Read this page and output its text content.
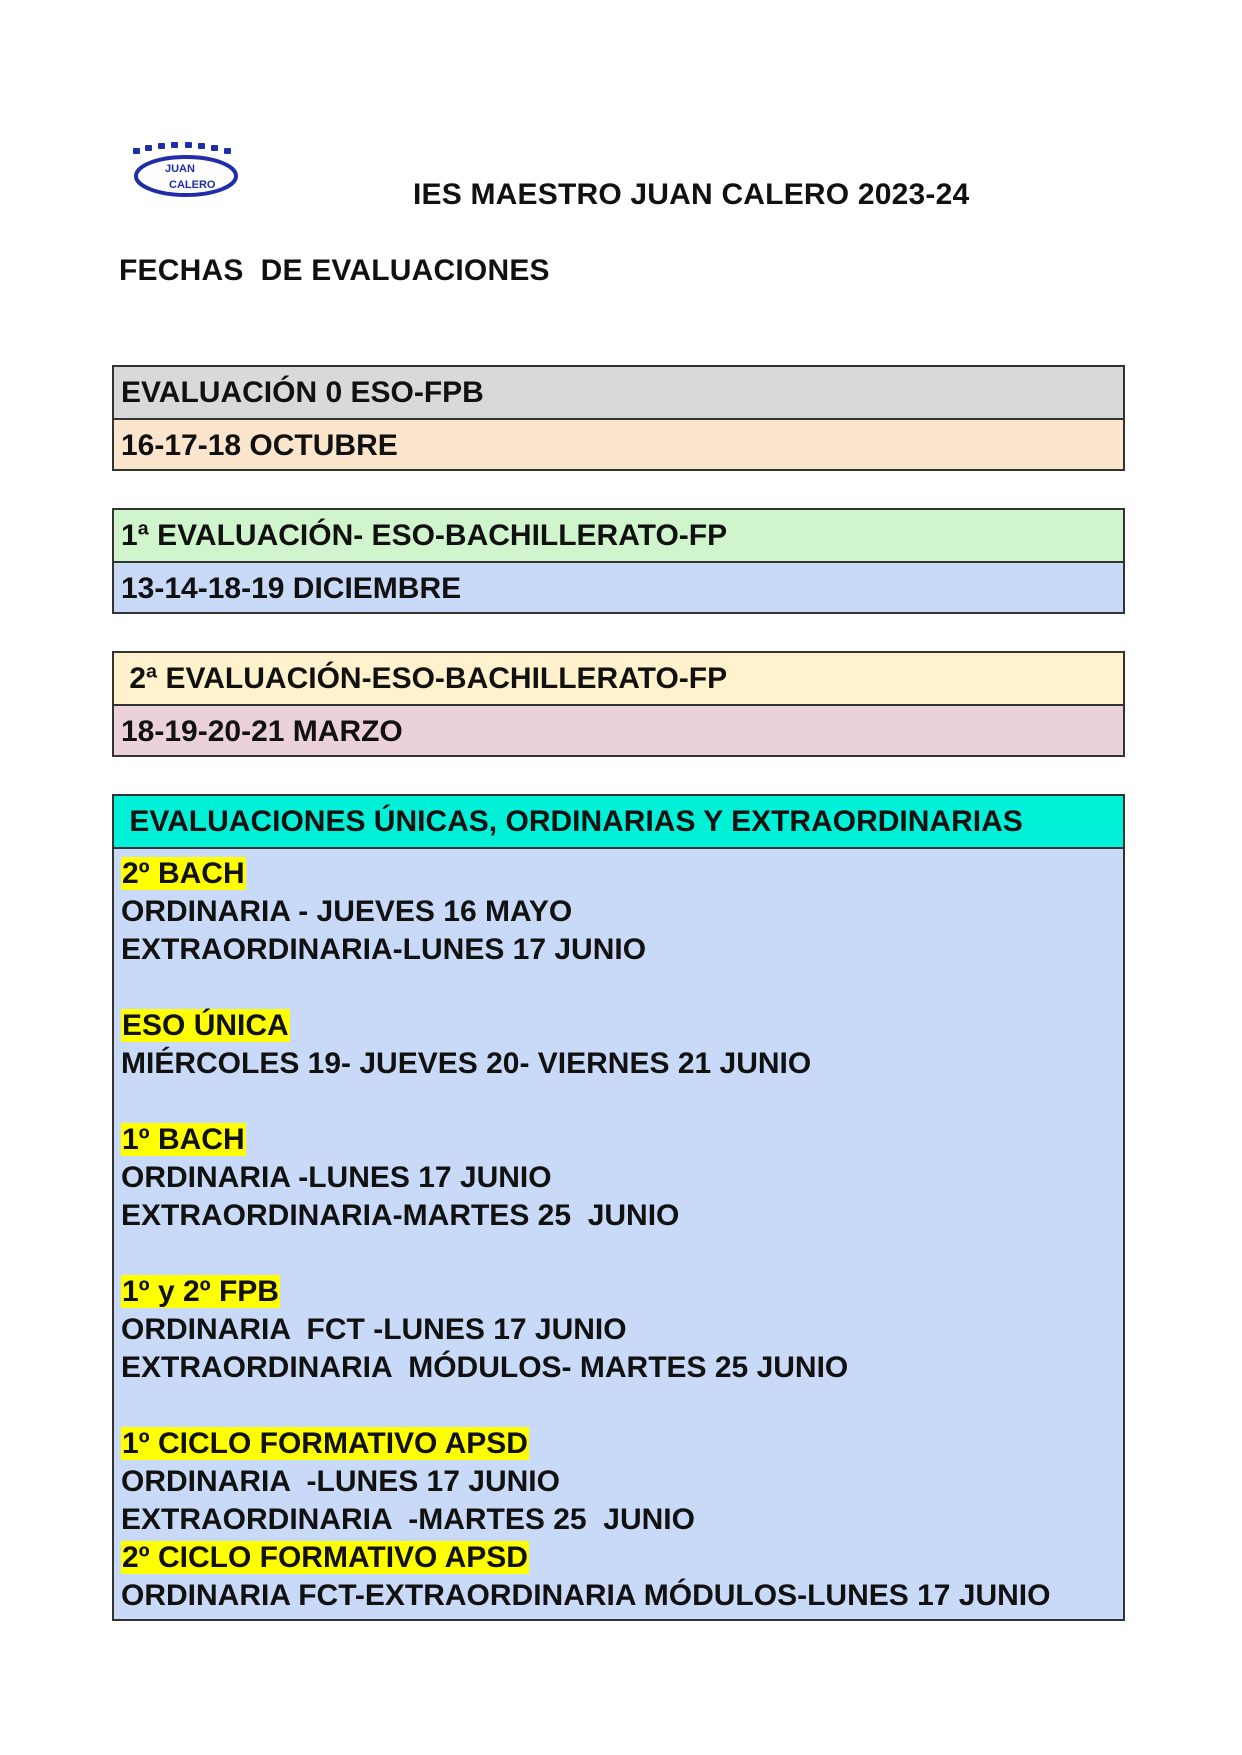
JUAN
CALERO	IES MAESTRO JUAN CALERO 2023-24
FECHAS  DE EVALUACIONES
EVALUACIÓN 0 ESO-FPB
16-17-18 OCTUBRE
1ª EVALUACIÓN- ESO-BACHILLERATO-FP
13-14-18-19 DICIEMBRE
2ª EVALUACIÓN-ESO-BACHILLERATO-FP
18-19-20-21 MARZO
EVALUACIONES ÚNICAS, ORDINARIAS Y EXTRAORDINARIAS
2º BACH
ORDINARIA - JUEVES 16 MAYO
EXTRAORDINARIA-LUNES 17 JUNIO
ESO ÚNICA
MIÉRCOLES 19- JUEVES 20- VIERNES 21 JUNIO
1º BACH
ORDINARIA -LUNES 17 JUNIO
EXTRAORDINARIA-MARTES 25  JUNIO
1º y 2º FPB
ORDINARIA  FCT -LUNES 17 JUNIO
EXTRAORDINARIA  MÓDULOS- MARTES 25 JUNIO
1º CICLO FORMATIVO APSD
ORDINARIA  -LUNES 17 JUNIO
EXTRAORDINARIA  -MARTES 25  JUNIO
2º CICLO FORMATIVO APSD
ORDINARIA FCT-EXTRAORDINARIA MÓDULOS-LUNES 17 JUNIO
